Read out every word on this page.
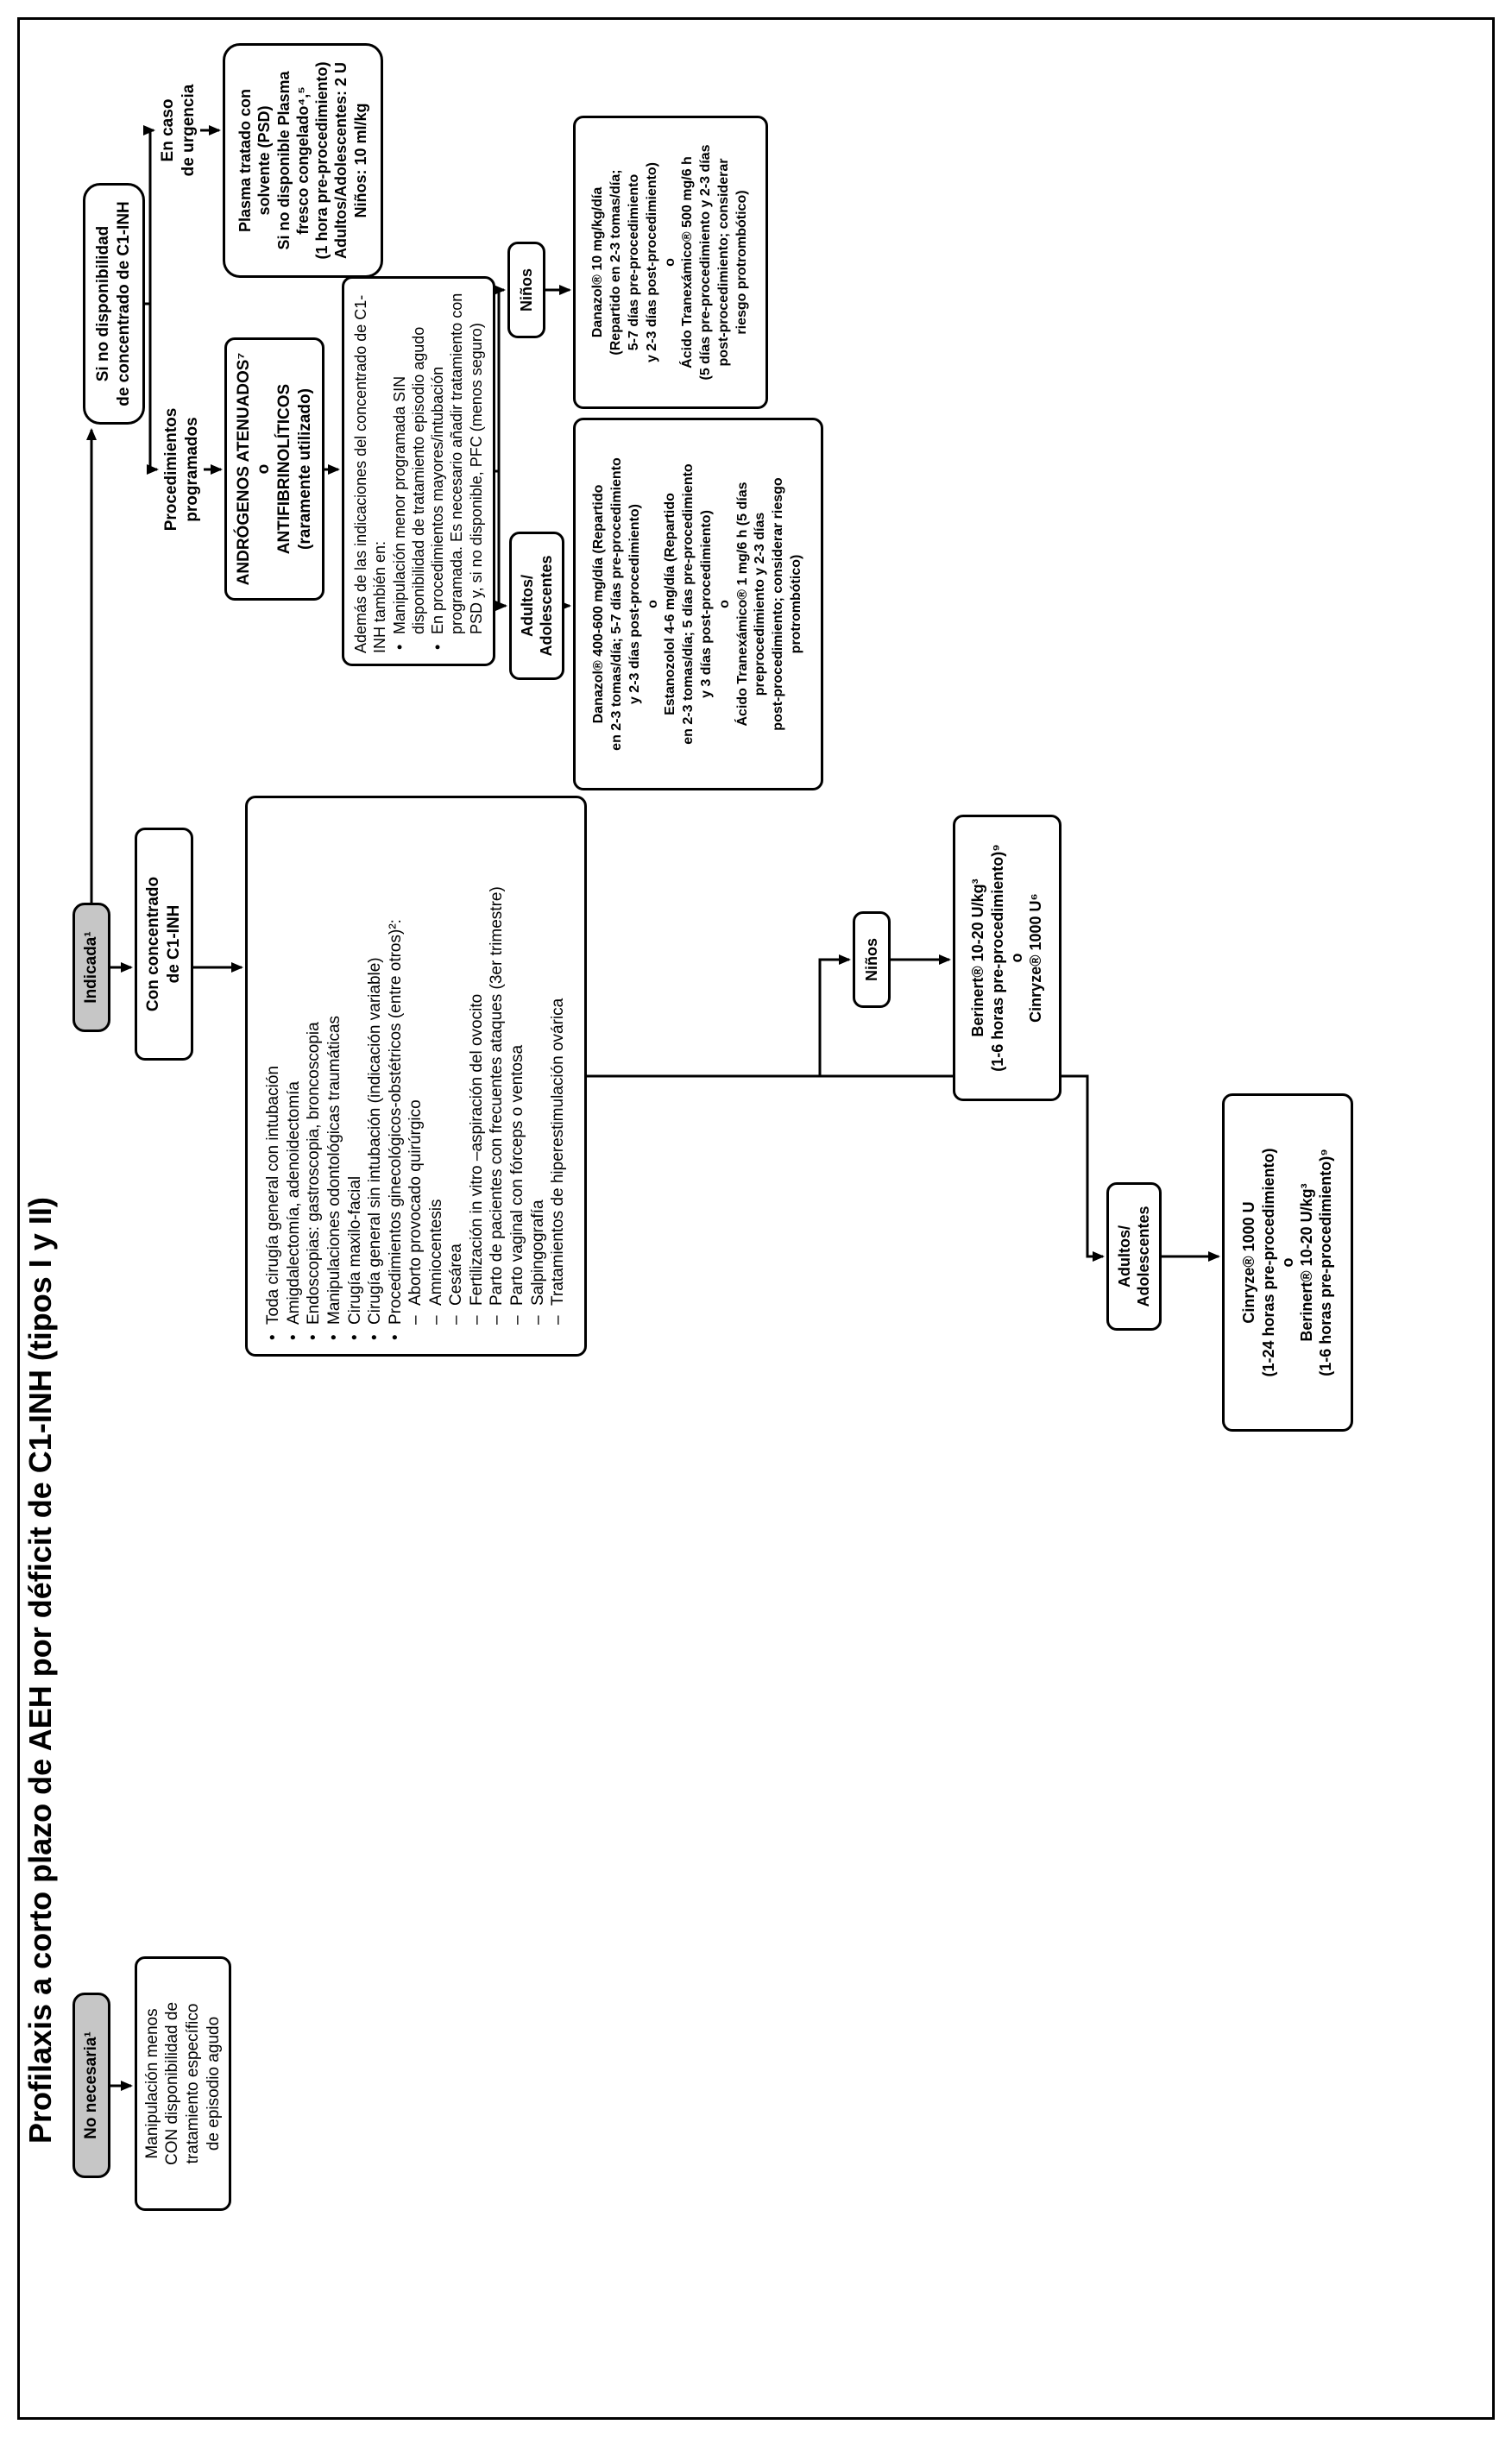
Profilaxis a corto plazo de AEH por déficit de C1-INH (tipos I y II)	No necesaria¹	Manipulación menos CON disponibilidad de tratamiento específico de episodio agudo
Indicada¹	Con concentrado de C1-INH
• Toda cirugía general con intubación • Amigdalectomía, adenoidectomía • Endoscopias: gastroscopia, broncoscopia • Manipulaciones odontológicas traumáticas • Cirugía maxilo-facial • Cirugía general sin intubación (indicación variable) • Procedimientos ginecológicos-obstétricos (entre otros)²: – Aborto provocado quirúrgico – Amniocentesis – Cesárea – Fertilización in vitro –aspiración del ovocito – Parto de pacientes con frecuentes ataques (3er trimestre) – Parto vaginal con fórceps o ventosa – Salpingografía – Tratamientos de hiperestimulación ovárica
Niños	Berinert® 10-20 U/kg³ (1-6 horas pre-procedimiento)⁹ o Cinryze® 1000 U⁶
Adultos/ Adolescentes	Cinryze® 1000 U (1-24 horas pre-procedimiento) o Berinert® 10-20 U/kg³ (1-6 horas pre-procedimiento)⁹
Si no disponibilidad de concentrado de C1-INH
Procedimientos programados
En caso de urgencia Plasma tratado con solvente (PSD) Si no disponible Plasma fresco congelado⁴,⁵ (1 hora pre-procedimiento) Adultos/Adolescentes: 2 U Niños: 10 ml/kg
ANDRÓGENOS ATENUADOS⁷ o ANTIFIBRINOLÍTICOS (raramente utilizado) Además de las indicaciones del concentrado de C1-INH también en: • Manipulación menor programada SIN disponibilidad de tratamiento episodio agudo • En procedimientos mayores/intubación programada. Es necesario añadir tratamiento con PSD y, si no disponible, PFC (menos seguro) Adultos/ Adolescentes
Niños
Danazol® 400-600 mg/día (Repartido en 2-3 tomas/día; 5-7 días pre-procedimiento y 2-3 días post-procedimiento) o Estanozolol 4-6 mg/día (Repartido en 2-3 tomas/día; 5 días pre-procedimiento y 3 días post-procedimiento) o Ácido Tranexámico® 1 mg/6 h (5 días preprocedimiento y 2-3 días post-procedimiento; considerar riesgo protrombótico)
Danazol® 10 mg/kg/día (Repartido en 2-3 tomas/día; 5-7 días pre-procedimiento y 2-3 días post-procedimiento) o Ácido Tranexámico® 500 mg/6 h (5 días pre-procedimiento y 2-3 días post-procedimiento; considerar riesgo protrombótico)
